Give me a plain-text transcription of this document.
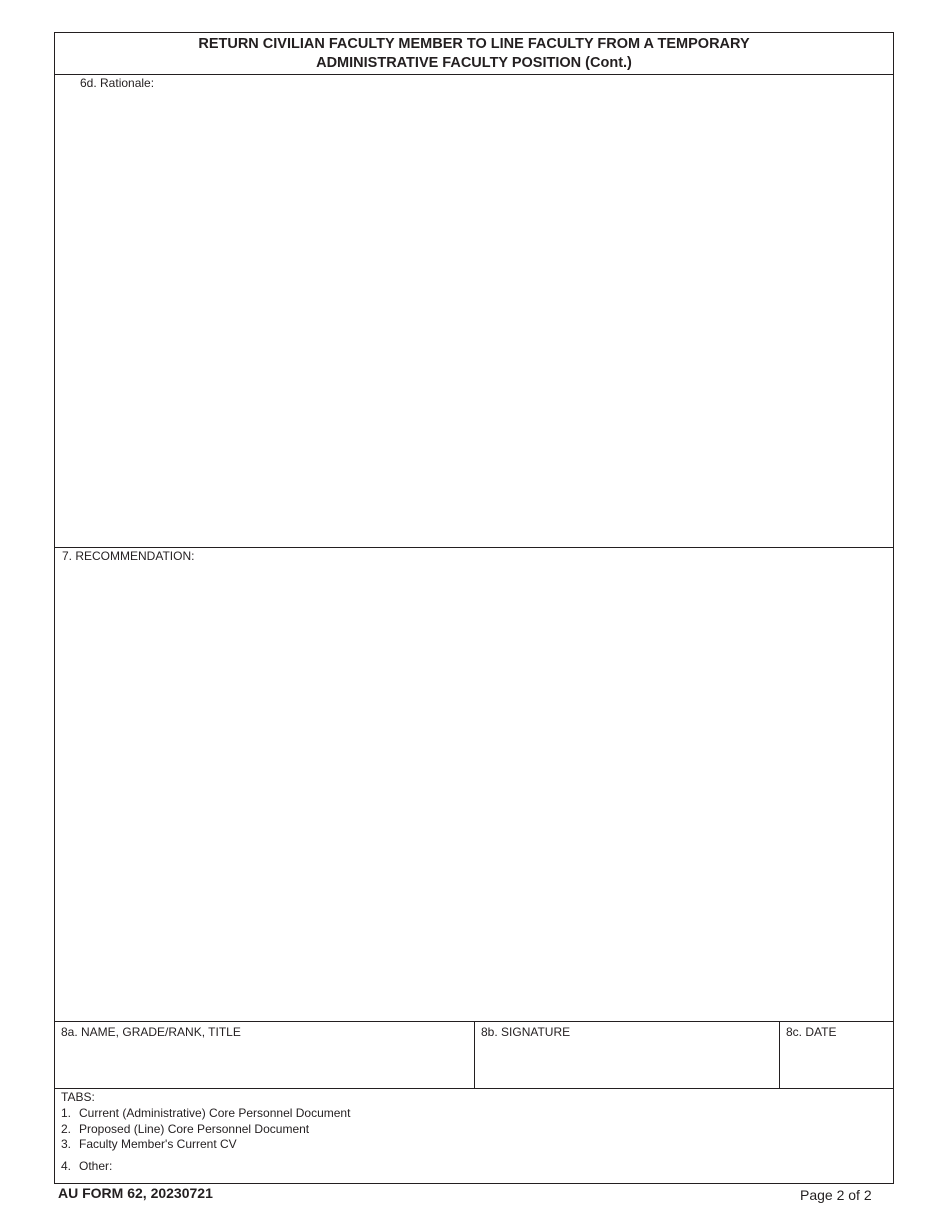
RETURN CIVILIAN FACULTY MEMBER TO LINE FACULTY FROM A TEMPORARY
ADMINISTRATIVE FACULTY POSITION (Cont.)
6d. Rationale:
7. RECOMMENDATION:
8a. NAME, GRADE/RANK, TITLE	8b. SIGNATURE	8c. DATE
TABS:
1. Current (Administrative) Core Personnel Document
2. Proposed (Line) Core Personnel Document
3. Faculty Member's Current CV
4. Other:
AU FORM 62, 20230721	Page 2 of 2
